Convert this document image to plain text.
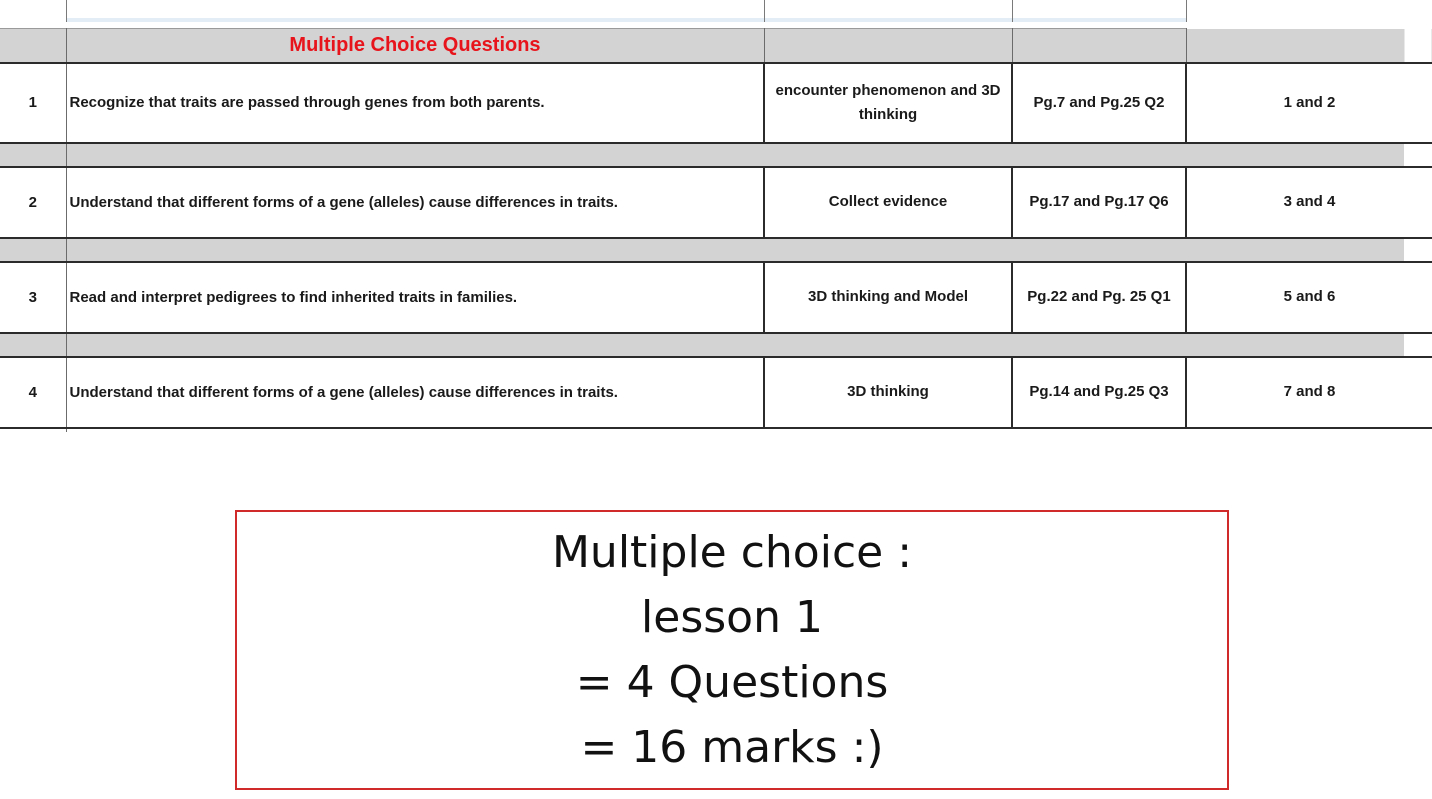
	Multiple Choice Questions			
1	Recognize that traits are passed through genes from both parents.	encounter phenomenon and 3D thinking	Pg.7 and Pg.25 Q2	1 and 2

2	Understand that different forms of a gene (alleles) cause differences in traits.	Collect evidence	Pg.17 and Pg.17 Q6	3 and 4

3	Read and interpret pedigrees to find inherited traits in families.	3D thinking and Model	Pg.22 and Pg. 25 Q1	5 and 6

4	Understand that different forms of a gene (alleles) cause differences in traits.	3D thinking	Pg.14 and Pg.25 Q3	7 and 8

Multiple choice :
lesson 1
= 4 Questions
= 16 marks :)
